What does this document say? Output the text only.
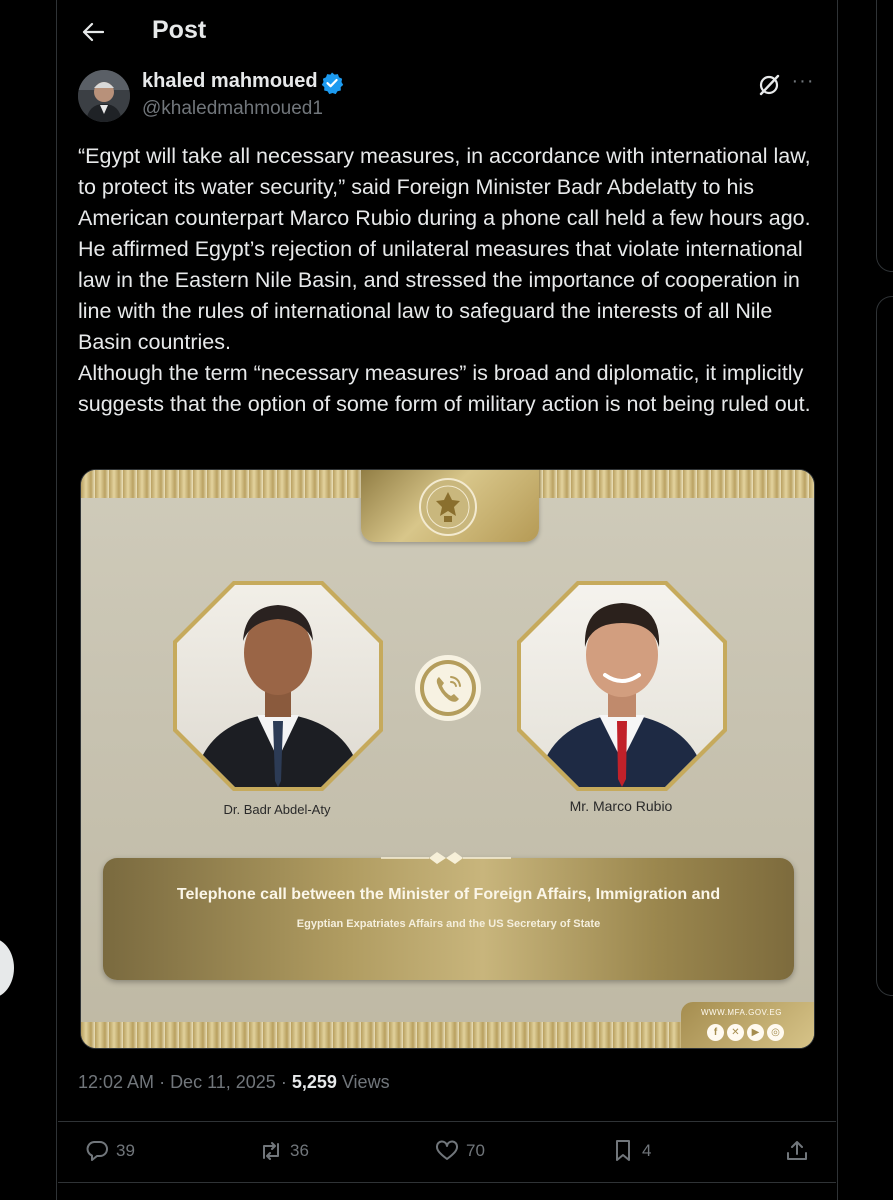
Post
khaled mahmoued
@khaledmahmoued1
···
“Egypt will take all necessary measures, in accordance with international law, to protect its water security,” said Foreign Minister Badr Abdelatty to his American counterpart Marco Rubio during a phone call held a few hours ago. He affirmed Egypt’s rejection of unilateral measures that violate international law in the Eastern Nile Basin, and stressed the importance of cooperation in line with the rules of international law to safeguard the interests of all Nile Basin countries.
Although the term “necessary measures” is broad and diplomatic, it implicitly suggests that the option of some form of military action is not being ruled out.
Dr. Badr Abdel-Aty	Mr. Marco Rubio
Telephone call between the Minister of Foreign Affairs, Immigration and
Egyptian Expatriates Affairs and the US Secretary of State
WWW.MFA.GOV.EG
f	✕	▶	◎
12:02 AM · Dec 11, 2025 · 5,259 Views
39	36	70	4
